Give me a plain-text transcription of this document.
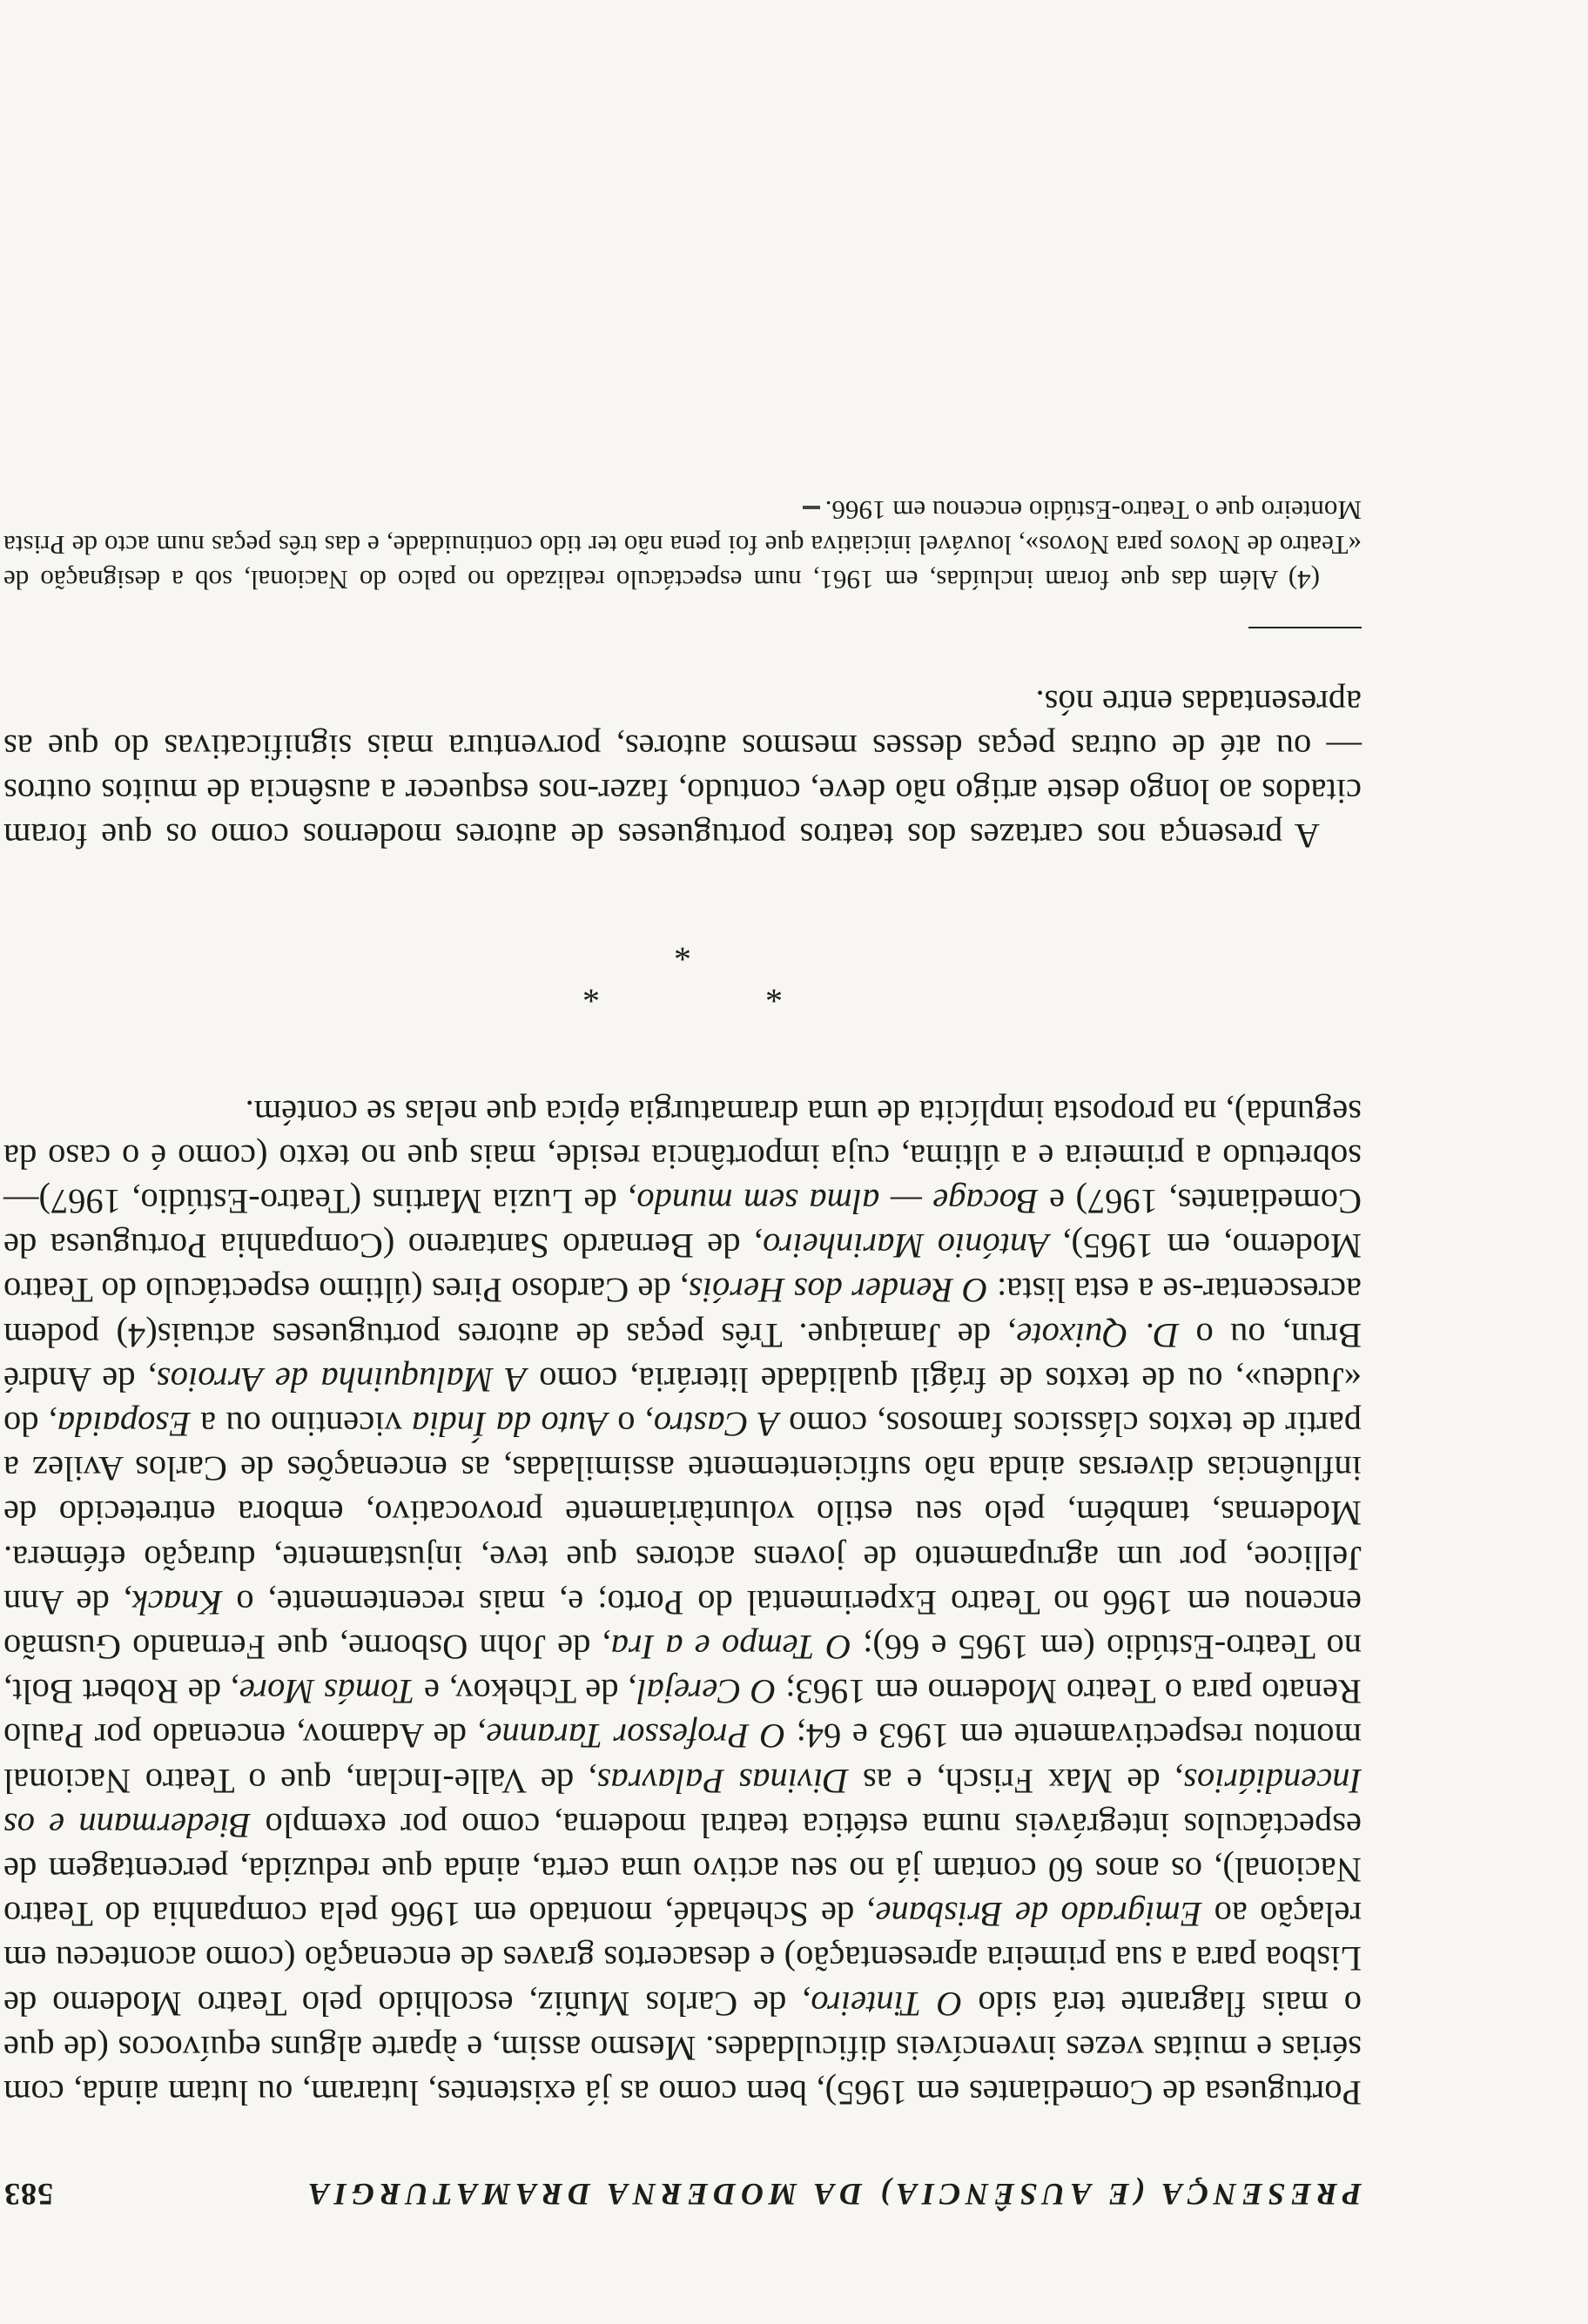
PRESENÇA (E AUSÊNCIA) DA MODERNA DRAMATURGIA
583

Portuguesa de Comediantes em 1965), bem como as já existentes, lutaram, ou lutam ainda, com sérias e muitas vezes invencíveis dificuldades. Mesmo assim, e àparte alguns equívocos (de que o mais flagrante terá sido O Tinteiro, de Carlos Muñiz, escolhido pelo Teatro Moderno de Lisboa para a sua primeira apresentação) e desacertos graves de encenação (como aconteceu em relação ao Emigrado de Brisbane, de Schehadé, montado em 1966 pela companhia do Teatro Nacional), os anos 60 contam já no seu activo uma certa, ainda que reduzida, percentagem de espectáculos integráveis numa estética teatral moderna, como por exemplo Biedermann e os Incendiários, de Max Frisch, e as Divinas Palavras, de Valle-Inclan, que o Teatro Nacional montou respectivamente em 1963 e 64; O Professor Taranne, de Adamov, encenado por Paulo Renato para o Teatro Moderno em 1963; O Cerejal, de Tchekov, e Tomás More, de Robert Bolt, no Teatro-Estúdio (em 1965 e 66); O Tempo e a Ira, de John Osborne, que Fernando Gusmão encenou em 1966 no Teatro Experimental do Porto; e, mais recentemente, o Knack, de Ann Jellicoe, por um agrupamento de jovens actores que teve, injustamente, duração efémera. Modernas, também, pelo seu estilo voluntàriamente provocativo, embora entretecido de influências diversas ainda não suficientemente assimiladas, as encenações de Carlos Avilez a partir de textos clássicos famosos, como A Castro, o Auto da Índia vicentino ou a Esopaida, do «Judeu», ou de textos de frágil qualidade literária, como A Maluquinha de Arroios, de André Brun, ou o D. Quixote, de Jamaique. Três peças de autores portugueses actuais(4) podem acrescentar-se a esta lista: O Render dos Heróis, de Cardoso Pires (último espectáculo do Teatro Moderno, em 1965), António Marinheiro, de Bernardo Santareno (Companhia Portuguesa de Comediantes, 1967) e Bocage — alma sem mundo, de Luzia Martins (Teatro-Estúdio, 1967)—sobretudo a primeira e a última, cuja importância reside, mais que no texto (como é o caso da segunda), na proposta implícita de uma dramaturgia épica que nelas se contém.

* *
*

A presença nos cartazes dos teatros portugueses de autores modernos como os que foram citados ao longo deste artigo não deve, contudo, fazer-nos esquecer a ausência de muitos outros — ou até de outras peças desses mesmos autores, porventura mais significativas do que as apresentadas entre nós.

(4) Além das que foram incluídas, em 1961, num espectáculo realizado no palco do Nacional, sob a designação de «Teatro de Novos para Novos», louvável iniciativa que foi pena não ter tido continuidade, e das três peças num acto de Prista Monteiro que o Teatro-Estúdio encenou em 1966.
